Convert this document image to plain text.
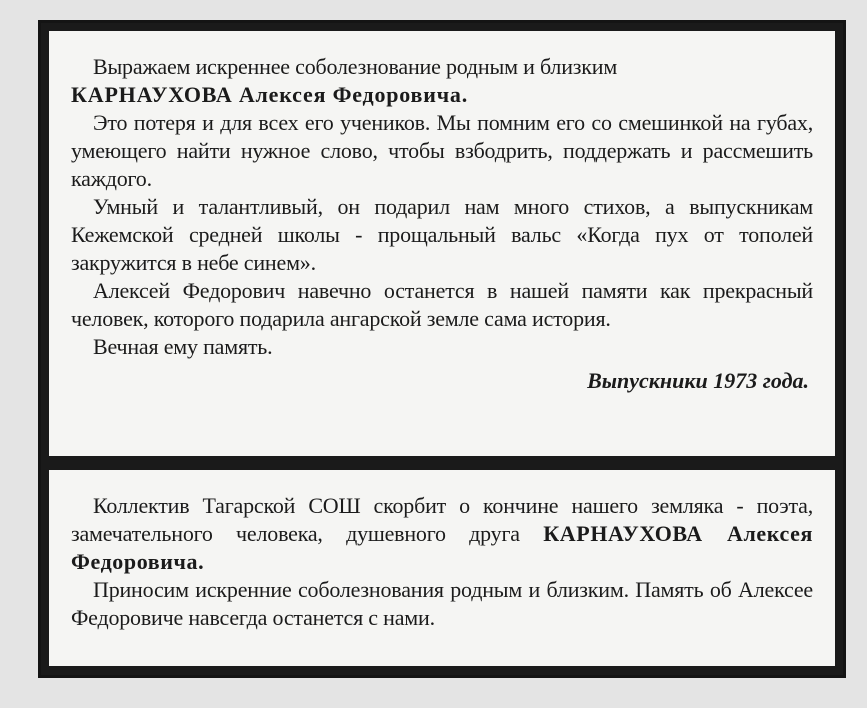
Выражаем искреннее соболезнование родным и близким
КАРНАУХОВА Алексея Федоровича.

Это потеря и для всех его учеников. Мы помним его со смешинкой на губах, умеющего найти нужное слово, чтобы взбодрить, поддержать и рассмешить каждого.

Умный и талантливый, он подарил нам много стихов, а выпускникам Кежемской средней школы - прощальный вальс «Когда пух от тополей закружится в небе синем».

Алексей Федорович навечно останется в нашей памяти как прекрасный человек, которого подарила ангарской земле сама история.

Вечная ему память.

Выпускники 1973 года.

Коллектив Тагарской СОШ скорбит о кончине нашего земляка - поэта, замечательного человека, душевного друга КАРНАУХОВА Алексея Федоровича.

Приносим искренние соболезнования родным и близким. Память об Алексее Федоровиче навсегда останется с нами.
